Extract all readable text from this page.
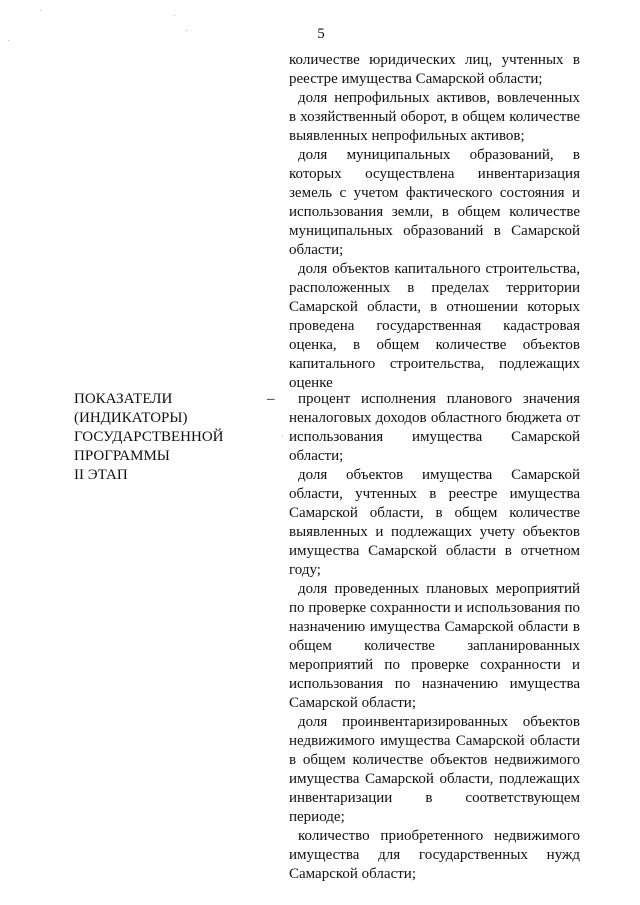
5

количестве юридических лиц, учтенных в реестре имущества Самарской области;

доля непрофильных активов, вовлеченных в хозяйственный оборот, в общем количестве выявленных непрофильных активов;

доля муниципальных образований, в которых осуществлена инвентаризация земель с учетом фактического состояния и использования земли, в общем количестве муниципальных образований в Самарской области;

доля объектов капитального строительства, расположенных в пределах территории Самарской области, в отношении которых проведена государственная кадастровая оценка, в общем количестве объектов капитального строительства, подлежащих оценке

ПОКАЗАТЕЛИ
(ИНДИКАТОРЫ)
ГОСУДАРСТВЕННОЙ
ПРОГРАММЫ
II ЭТАП
–	процент исполнения планового значения неналоговых доходов областного бюджета от использования имущества Самарской области;

доля объектов имущества Самарской области, учтенных в реестре имущества Самарской области, в общем количестве выявленных и подлежащих учету объектов имущества Самарской области в отчетном году;

доля проведенных плановых мероприятий по проверке сохранности и использования по назначению имущества Самарской области в общем количестве запланированных мероприятий по проверке сохранности и использования по назначению имущества Самарской области;

доля проинвентаризированных объектов недвижимого имущества Самарской области в общем количестве объектов недвижимого имущества Самарской области, подлежащих инвентаризации в соответствующем периоде;

количество приобретенного недвижимого имущества для государственных нужд Самарской области;
